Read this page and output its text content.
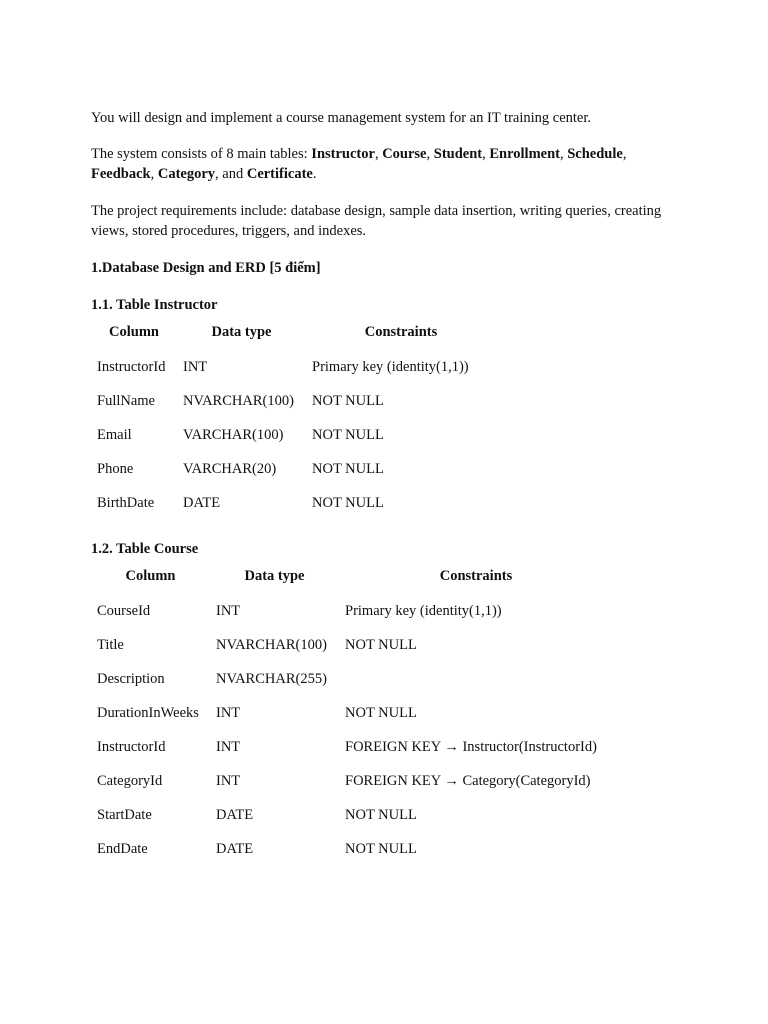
You will design and implement a course management system for an IT training center.

The system consists of 8 main tables: Instructor, Course, Student, Enrollment, Schedule, Feedback, Category, and Certificate.

The project requirements include: database design, sample data insertion, writing queries, creating views, stored procedures, triggers, and indexes.

1.Database Design and ERD [5 điểm]
1.1. Table Instructor
Column	Data type	Constraints
InstructorId	INT	Primary key (identity(1,1))
FullName	NVARCHAR(100)	NOT NULL
Email	VARCHAR(100)	NOT NULL
Phone	VARCHAR(20)	NOT NULL
BirthDate	DATE	NOT NULL
1.2. Table Course
Column	Data type	Constraints
CourseId	INT	Primary key (identity(1,1))
Title	NVARCHAR(100)	NOT NULL
Description	NVARCHAR(255)	
DurationInWeeks	INT	NOT NULL
InstructorId	INT	FOREIGN KEY → Instructor(InstructorId)
CategoryId	INT	FOREIGN KEY → Category(CategoryId)
StartDate	DATE	NOT NULL
EndDate	DATE	NOT NULL
